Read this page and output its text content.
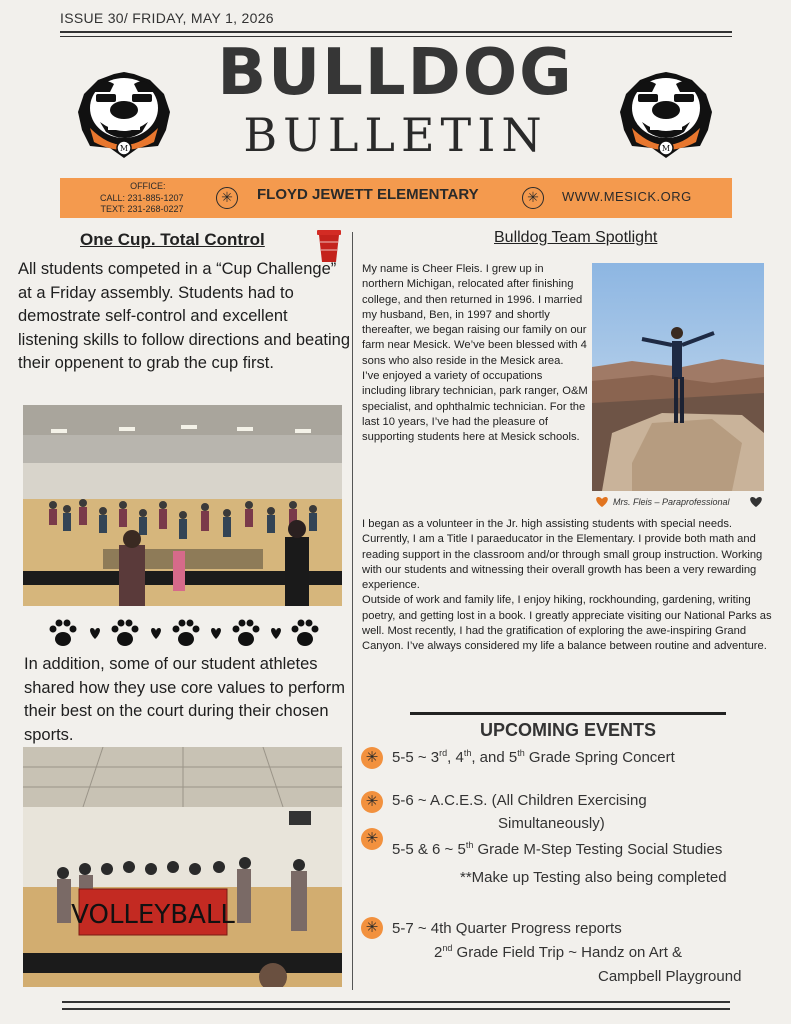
ISSUE 30/ FRIDAY, MAY 1, 2026
BULLDOG
BULLETIN
M	M
OFFICE:
CALL: 231-885-1207
TEXT: 231-268-0227
✳	FLOYD JEWETT ELEMENTARY	✳	WWW.MESICK.ORG
One Cup. Total Control
All students competed in a “Cup Challenge” at a Friday assembly. Students had to demostrate self-control and excellent listening skills to follow directions and beating their oppenent to grab the cup first.
In addition, some of our student athletes shared how they use core values to perform their best on the court during their chosen sports.
VOLLEYBALL
Bulldog Team Spotlight

My name is Cheer Fleis. I grew up in northern Michigan, relocated after finishing college, and then returned in 1996. I married my husband, Ben, in 1997 and shortly thereafter, we began raising our family on our farm near Mesick. We’ve been blessed with 4 sons who also reside in the Mesick area.

I’ve enjoyed a variety of occupations including library technician, park ranger, O&M specialist, and ophthalmic technician. For the last 10 years, I’ve had the pleasure of supporting students here at Mesick schools.

Mrs. Fleis – Paraprofessional

I began as a volunteer in the Jr. high assisting students with special needs. Currently, I am a Title I paraeducator in the Elementary. I provide both math and reading support in the classroom and/or through small group instruction. Working with our students and witnessing their overall growth has been a very rewarding experience.

Outside of work and family life, I enjoy hiking, rockhounding, gardening, writing poetry, and getting lost in a book. I greatly appreciate visiting our National Parks as well. Most recently, I had the gratification of exploring the awe-inspiring Grand Canyon. I’ve always considered my life a balance between routine and adventure.

UPCOMING EVENTS
✳ 5-5 ~ 3rd, 4th, and 5th Grade Spring Concert
✳ 5-6 ~ A.C.E.S. (All Children Exercising
Simultaneously)
✳
5-5 & 6 ~ 5th Grade M-Step Testing Social Studies
**Make up Testing also being completed
✳ 5-7 ~ 4th Quarter Progress reports
2nd Grade Field Trip ~ Handz on Art &
Campbell Playground
